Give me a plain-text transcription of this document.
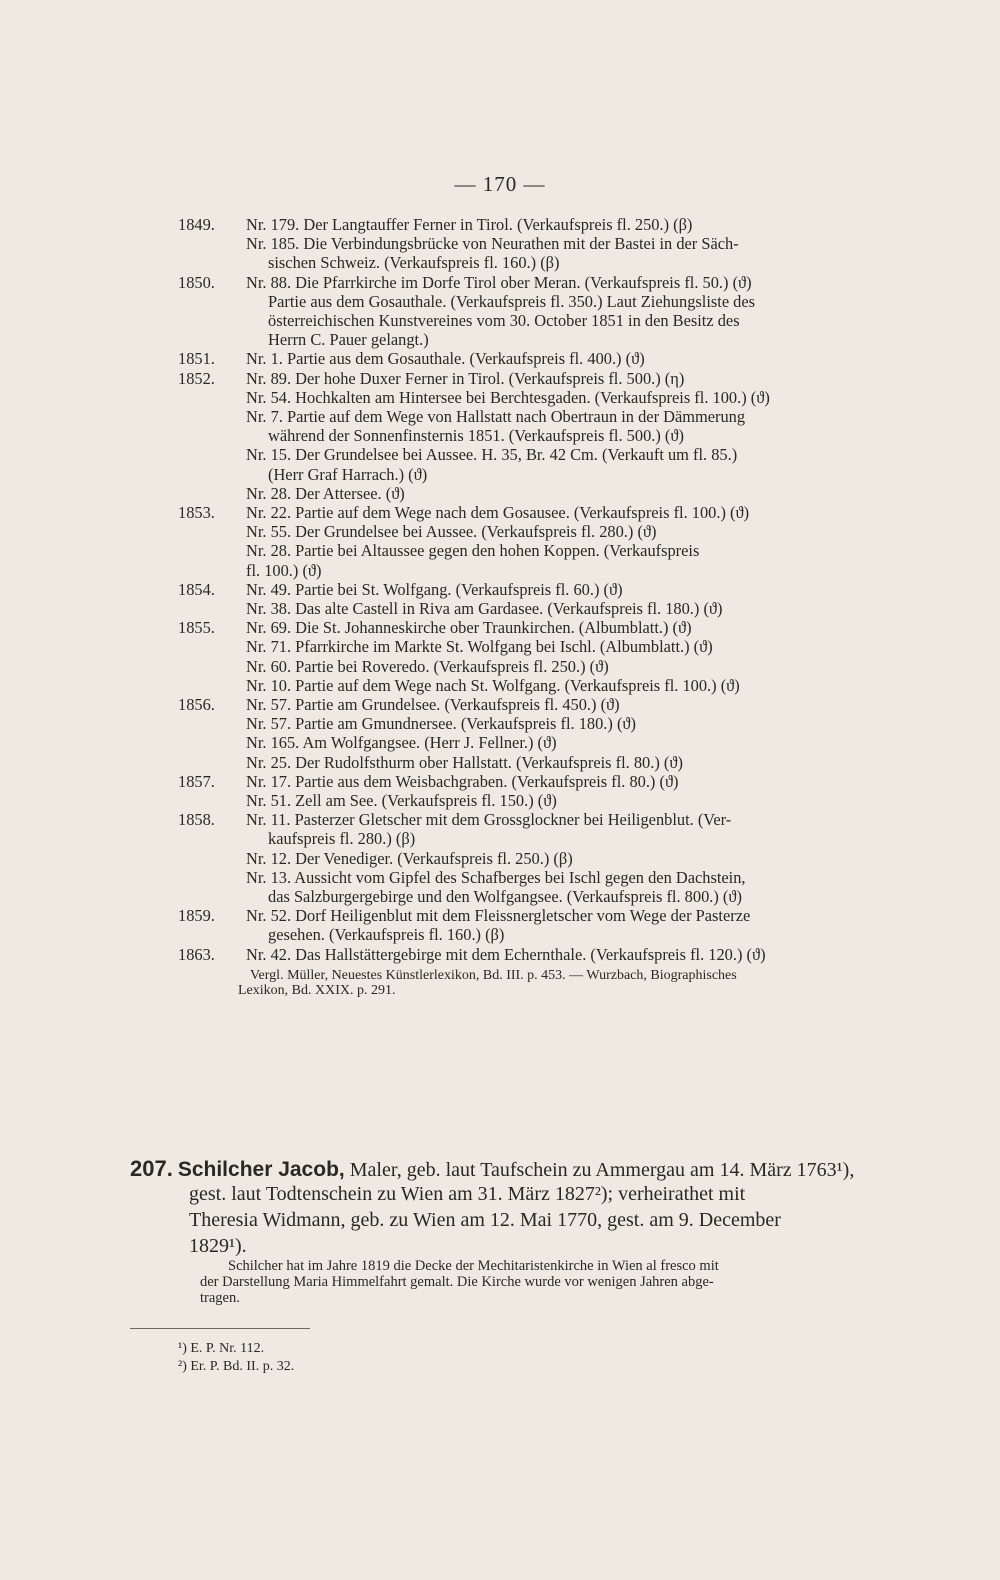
— 170 —
1849. Nr. 179. Der Langtauffer Ferner in Tirol. (Verkaufspreis fl. 250.) (β)
Nr. 185. Die Verbindungsbrücke von Neurathen mit der Bastei in der Säch-
sischen Schweiz. (Verkaufspreis fl. 160.) (β)
1850. Nr. 88. Die Pfarrkirche im Dorfe Tirol ober Meran. (Verkaufspreis fl. 50.) (ϑ)
Partie aus dem Gosauthale. (Verkaufspreis fl. 350.) Laut Ziehungsliste des
österreichischen Kunstvereines vom 30. October 1851 in den Besitz des
Herrn C. Pauer gelangt.)
1851. Nr. 1. Partie aus dem Gosauthale. (Verkaufspreis fl. 400.) (ϑ)
1852. Nr. 89. Der hohe Duxer Ferner in Tirol. (Verkaufspreis fl. 500.) (η)
Nr. 54. Hochkalten am Hintersee bei Berchtesgaden. (Verkaufspreis fl. 100.) (ϑ)
Nr. 7. Partie auf dem Wege von Hallstatt nach Obertraun in der Dämmerung
während der Sonnenfinsternis 1851. (Verkaufspreis fl. 500.) (ϑ)
Nr. 15. Der Grundelsee bei Aussee. H. 35, Br. 42 Cm. (Verkauft um fl. 85.)
(Herr Graf Harrach.) (ϑ)
Nr. 28. Der Attersee. (ϑ)
1853. Nr. 22. Partie auf dem Wege nach dem Gosausee. (Verkaufspreis fl. 100.) (ϑ)
Nr. 55. Der Grundelsee bei Aussee. (Verkaufspreis fl. 280.) (ϑ)
Nr. 28. Partie bei Altaussee gegen den hohen Koppen. (Verkaufspreis
fl. 100.) (ϑ)
1854. Nr. 49. Partie bei St. Wolfgang. (Verkaufspreis fl. 60.) (ϑ)
Nr. 38. Das alte Castell in Riva am Gardasee. (Verkaufspreis fl. 180.) (ϑ)
1855. Nr. 69. Die St. Johanneskirche ober Traunkirchen. (Albumblatt.) (ϑ)
Nr. 71. Pfarrkirche im Markte St. Wolfgang bei Ischl. (Albumblatt.) (ϑ)
Nr. 60. Partie bei Roveredo. (Verkaufspreis fl. 250.) (ϑ)
Nr. 10. Partie auf dem Wege nach St. Wolfgang. (Verkaufspreis fl. 100.) (ϑ)
1856. Nr. 57. Partie am Grundelsee. (Verkaufspreis fl. 450.) (ϑ)
Nr. 57. Partie am Gmundnersee. (Verkaufspreis fl. 180.) (ϑ)
Nr. 165. Am Wolfgangsee. (Herr J. Fellner.) (ϑ)
Nr. 25. Der Rudolfsthurm ober Hallstatt. (Verkaufspreis fl. 80.) (ϑ)
1857. Nr. 17. Partie aus dem Weisbachgraben. (Verkaufspreis fl. 80.) (ϑ)
Nr. 51. Zell am See. (Verkaufspreis fl. 150.) (ϑ)
1858. Nr. 11. Pasterzer Gletscher mit dem Grossglockner bei Heiligenblut. (Ver-
kaufspreis fl. 280.) (β)
Nr. 12. Der Venediger. (Verkaufspreis fl. 250.) (β)
Nr. 13. Aussicht vom Gipfel des Schafberges bei Ischl gegen den Dachstein,
das Salzburgergebirge und den Wolfgangsee. (Verkaufspreis fl. 800.) (ϑ)
1859. Nr. 52. Dorf Heiligenblut mit dem Fleissnergletscher vom Wege der Pasterze
gesehen. (Verkaufspreis fl. 160.) (β)
1863. Nr. 42. Das Hallstättergebirge mit dem Echernthale. (Verkaufspreis fl. 120.) (ϑ)
Vergl. Müller, Neuestes Künstlerlexikon, Bd. III. p. 453. — Wurzbach, Biographisches
Lexikon, Bd. XXIX. p. 291.
207. Schilcher Jacob, Maler, geb. laut Taufschein zu Ammergau am 14. März 1763¹),
gest. laut Todtenschein zu Wien am 31. März 1827²); verheirathet mit
Theresia Widmann, geb. zu Wien am 12. Mai 1770, gest. am 9. December
1829¹).
Schilcher hat im Jahre 1819 die Decke der Mechitaristenkirche in Wien al fresco mit
der Darstellung Maria Himmelfahrt gemalt. Die Kirche wurde vor wenigen Jahren abge-
tragen.
¹) E. P. Nr. 112.
²) Er. P. Bd. II. p. 32.
